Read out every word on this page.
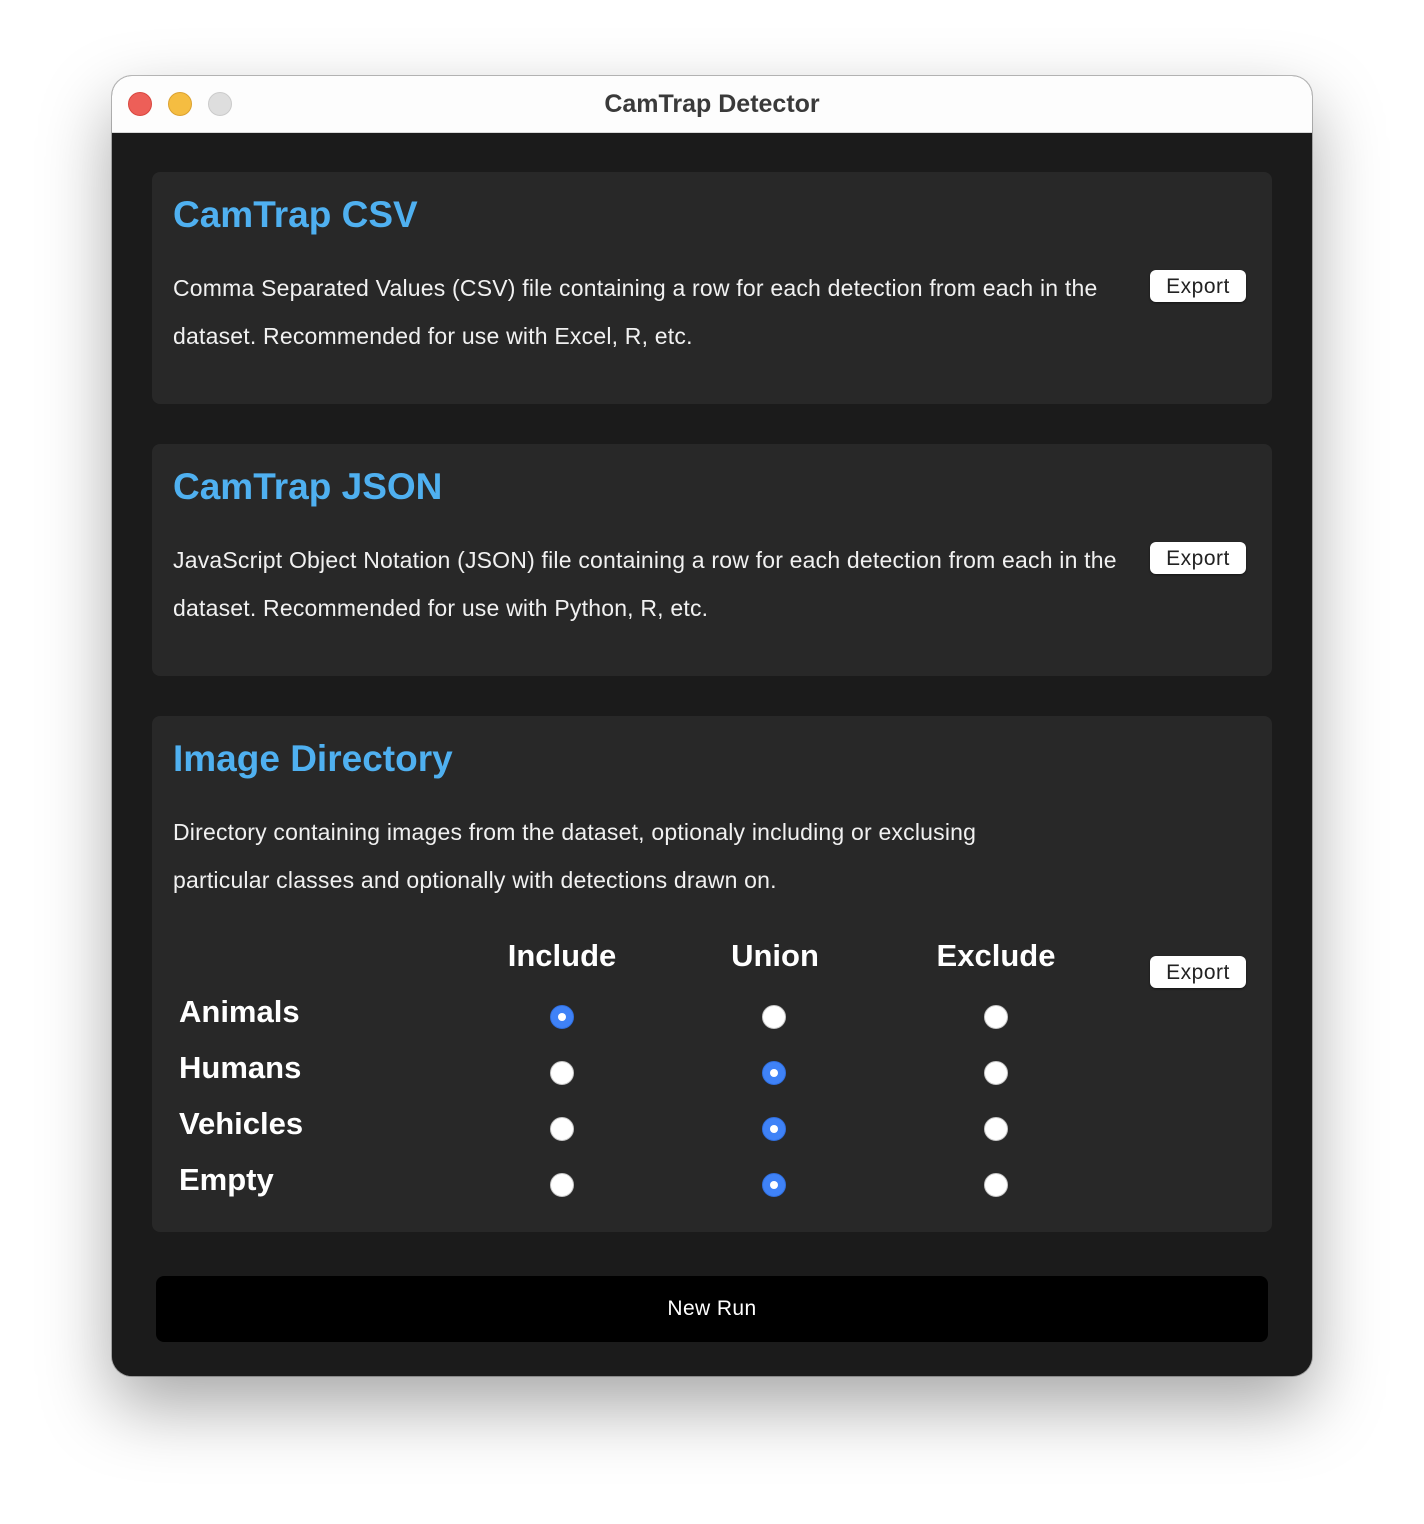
CamTrap Detector
CamTrap CSV
Comma Separated Values (CSV) file containing a row for each detection from each in the dataset. Recommended for use with Excel, R, etc.
Export
CamTrap JSON
JavaScript Object Notation (JSON) file containing a row for each detection from each in the dataset. Recommended for use with Python, R, etc.
Export
Image Directory
Directory containing images from the dataset, optionaly including or exclusing particular classes and optionally with detections drawn on.
Export
Include	Union	Exclude
Animals
Humans
Vehicles
Empty
New Run
